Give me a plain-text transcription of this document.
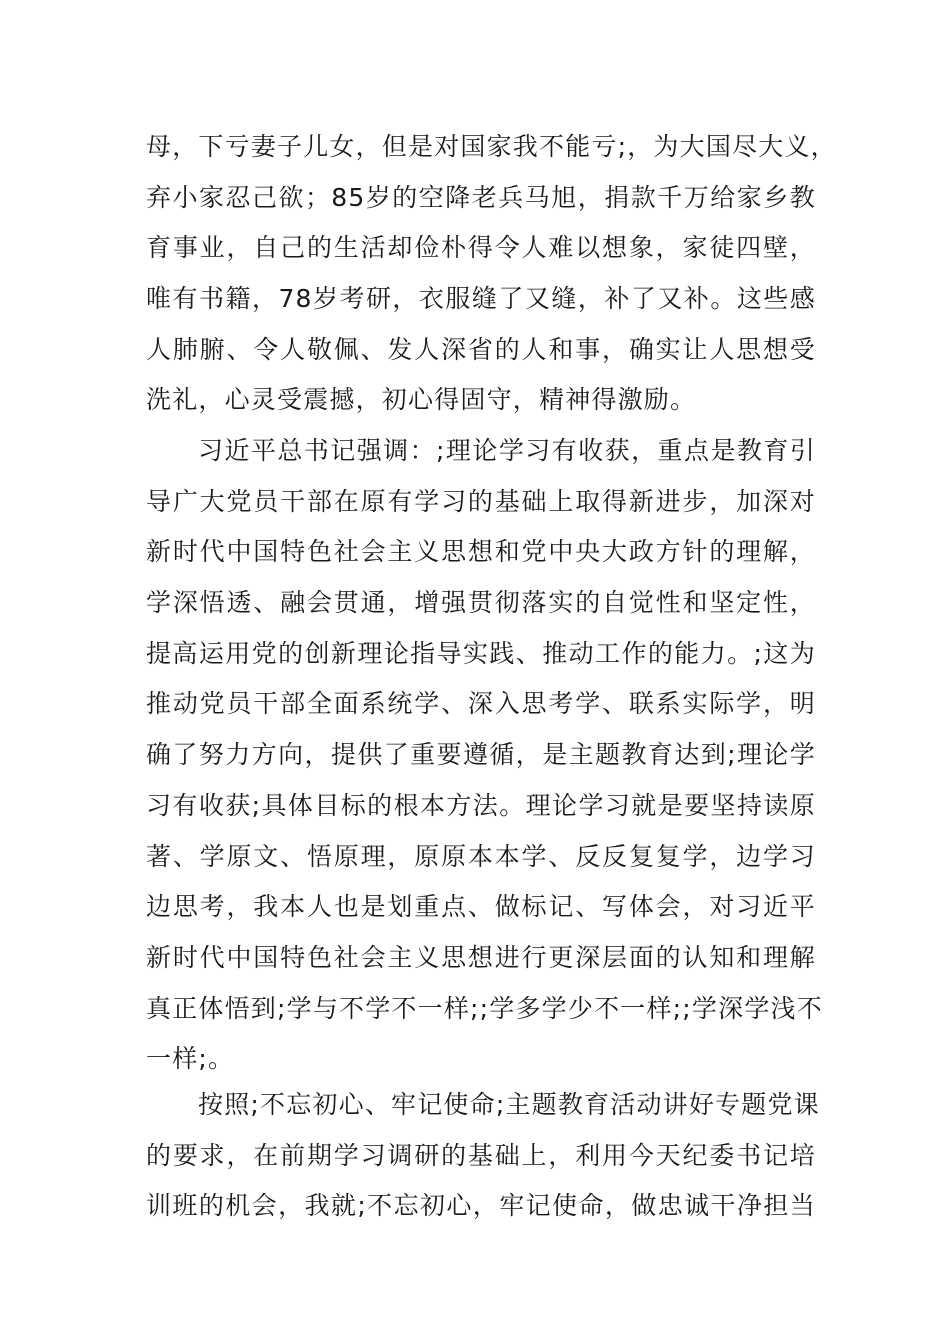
母，下亏妻子儿女，但是对国家我不能亏;，为大国尽大义，
弃小家忍己欲；85岁的空降老兵马旭，捐款千万给家乡教
育事业，自己的生活却俭朴得令人难以想象，家徒四壁，
唯有书籍，78岁考研，衣服缝了又缝，补了又补。这些感
人肺腑、令人敬佩、发人深省的人和事，确实让人思想受
洗礼，心灵受震撼，初心得固守，精神得激励。
习近平总书记强调：;理论学习有收获，重点是教育引
导广大党员干部在原有学习的基础上取得新进步，加深对
新时代中国特色社会主义思想和党中央大政方针的理解，
学深悟透、融会贯通，增强贯彻落实的自觉性和坚定性，
提高运用党的创新理论指导实践、推动工作的能力。;这为
推动党员干部全面系统学、深入思考学、联系实际学，明
确了努力方向，提供了重要遵循，是主题教育达到;理论学
习有收获;具体目标的根本方法。理论学习就是要坚持读原
著、学原文、悟原理，原原本本学、反反复复学，边学习
边思考，我本人也是划重点、做标记、写体会，对习近平
新时代中国特色社会主义思想进行更深层面的认知和理解
真正体悟到;学与不学不一样;;学多学少不一样;;学深学浅不
一样;。
按照;不忘初心、牢记使命;主题教育活动讲好专题党课
的要求，在前期学习调研的基础上，利用今天纪委书记培
训班的机会，我就;不忘初心，牢记使命，做忠诚干净担当
